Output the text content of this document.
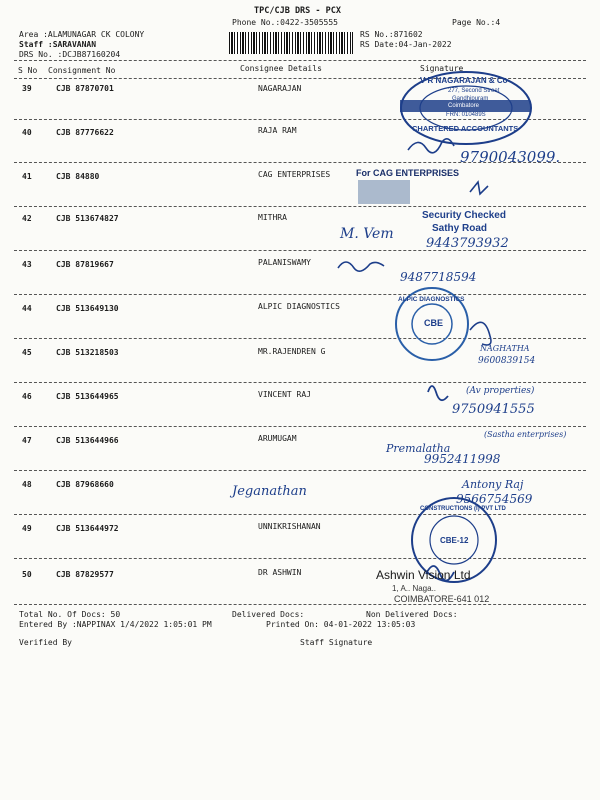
TPC/CJB DRS - PCX
Phone No.:0422-3505555	Page No.:4
Area :ALAMUNAGAR CK COLONY
Staff :SARAVANAN
DRS No. :DCJB87160204
RS No.:871602
RS Date:04-Jan-2022
S No Consignment No	Consignee Details	Signature
39	CJB 87870701	NAGARAJAN
40	CJB 87776622	RAJA RAM
41	CJB 84880	CAG ENTERPRISES
42	CJB 513674827	MITHRA
43	CJB 87819667	PALANISWAMY
44	CJB 513649130	ALPIC DIAGNOSTICS
45	CJB 513218503	MR.RAJENDREN G
46	CJB 513644965	VINCENT RAJ
47	CJB 513644966	ARUMUGAM
48	CJB 87968660
49	CJB 513644972	UNNIKRISHANAN
50	CJB 87829577	DR ASHWIN
V R NAGARAJAN & Co
277, Second Street
Gandhipuram
Coimbatore
FRN: 010489S
CHARTERED ACCOUNTANTS
9790043099.
For CAG ENTERPRISES
Security Checked
Sathy Road
M. Vem
9443793932
9487718594
ALPIC DIAGNOSTICS
CBE
NAGHATHA
9600839154
(Av properties)
9750941555
(Sastha enterprises)
Premalatha
9952411998
Jeganathan	Antony Raj
9566754569
CONSTRUCTIONS (I) PVT LTD
CBE-12
Ashwin Vision Ltd
1, A.. Naga..
COIMBATORE-641 012
Total No. Of Docs: 50	Delivered Docs:	Non Delivered Docs:
Entered By :NAPPINAX 1/4/2022 1:05:01 PM	Printed On: 04-01-2022 13:05:03
Verified By	Staff Signature
